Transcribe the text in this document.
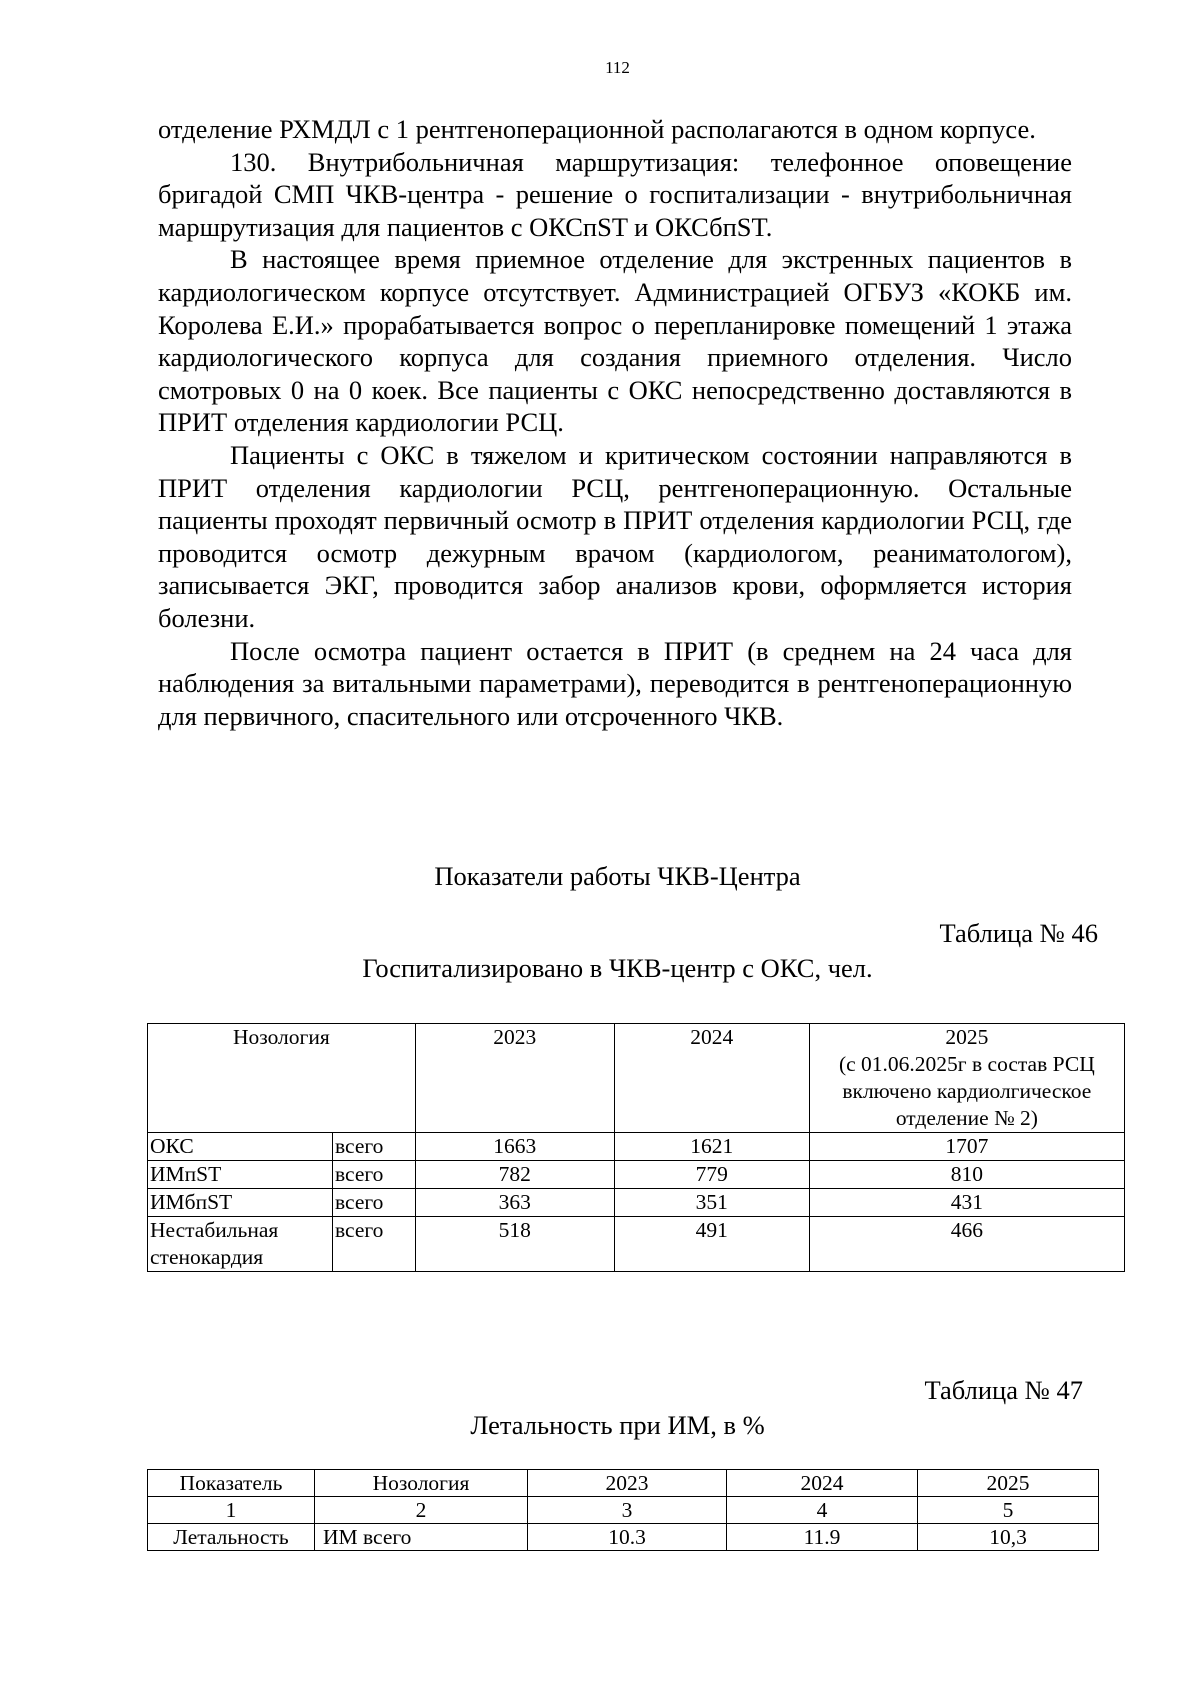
112

отделение РХМДЛ с 1 рентгеноперационной располагаются в одном корпусе.

130. Внутрибольничная маршрутизация: телефонное оповещение бригадой СМП ЧКВ-центра - решение о госпитализации - внутрибольничная маршрутизация для пациентов с ОКСпST и ОКСбпST.

В настоящее время приемное отделение для экстренных пациентов в кардиологическом корпусе отсутствует. Администрацией ОГБУЗ «КОКБ им. Королева Е.И.» прорабатывается вопрос о перепланировке помещений 1 этажа кардиологического корпуса для создания приемного отделения. Число смотровых 0 на 0 коек. Все пациенты с ОКС непосредственно доставляются в ПРИТ отделения кардиологии РСЦ.

Пациенты с ОКС в тяжелом и критическом состоянии направляются в ПРИТ отделения кардиологии РСЦ, рентгеноперационную. Остальные пациенты проходят первичный осмотр в ПРИТ отделения кардиологии РСЦ, где проводится осмотр дежурным врачом (кардиологом, реаниматологом), записывается ЭКГ, проводится забор анализов крови, оформляется история болезни.

После осмотра пациент остается в ПРИТ (в среднем на 24 часа для наблюдения за витальными параметрами), переводится в рентгеноперационную для первичного, спасительного или отсроченного ЧКВ.

Показатели работы ЧКВ-Центра
Таблица № 46
Госпитализировано в ЧКВ-центр с ОКС, чел.
Нозология		2023	2024	2025
(с 01.06.2025г в состав РСЦ включено кардиолгическое отделение № 2)

ОКС	всего	1663	1621	1707
ИМпST	всего	782	779	810
ИМбпST	всего	363	351	431
Нестабильная стенокардия	всего	518	491	466
Таблица № 47
Летальность при ИМ, в %
Показатель	Нозология	2023	2024	2025
1	2	3	4	5
Летальность	ИМ всего	10.3	11.9	10,3
